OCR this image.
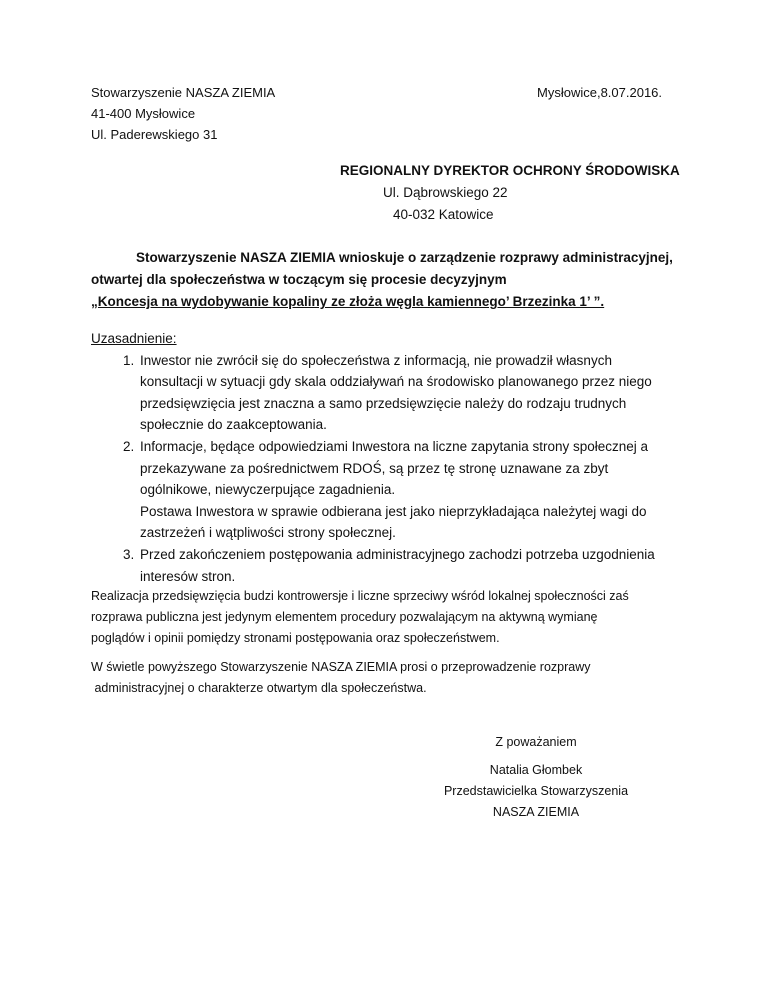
Stowarzyszenie NASZA ZIEMIA
41-400 Mysłowice
Ul. Paderewskiego 31
Mysłowice,8.07.2016.
REGIONALNY DYREKTOR OCHRONY ŚRODOWISKA
Ul. Dąbrowskiego 22
40-032 Katowice
Stowarzyszenie NASZA ZIEMIA wnioskuje o zarządzenie rozprawy administracyjnej,
otwartej dla społeczeństwa w toczącym się procesie decyzyjnym
„Koncesja na wydobywanie kopaliny ze złoża węgla kamiennego’ Brzezinka 1’ ”.
Uzasadnienie:
1. Inwestor nie zwrócił się do społeczeństwa z informacją, nie prowadził własnych
konsultacji w sytuacji gdy skala oddziaływań na środowisko planowanego przez niego
przedsięwzięcia jest znaczna a samo przedsięwzięcie należy do rodzaju trudnych
społecznie do zaakceptowania.
2. Informacje, będące odpowiedziami Inwestora na liczne zapytania strony społecznej a
przekazywane za pośrednictwem RDOŚ, są przez tę stronę uznawane za zbyt
ogólnikowe, niewyczerpujące zagadnienia.
Postawa Inwestora w sprawie odbierana jest jako nieprzykładająca należytej wagi do
zastrzeżeń i wątpliwości strony społecznej.
3. Przed zakończeniem postępowania administracyjnego zachodzi potrzeba uzgodnienia
interesów stron.
Realizacja przedsięwzięcia budzi kontrowersje i liczne sprzeciwy wśród lokalnej społeczności zaś
rozprawa publiczna jest jedynym elementem procedury pozwalającym na aktywną wymianę
poglądów i opinii pomiędzy stronami postępowania oraz społeczeństwem.
W świetle powyższego Stowarzyszenie NASZA ZIEMIA prosi o przeprowadzenie rozprawy
administracyjnej o charakterze otwartym dla społeczeństwa.
Z poważaniem
Natalia Głombek
Przedstawicielka Stowarzyszenia
NASZA ZIEMIA
